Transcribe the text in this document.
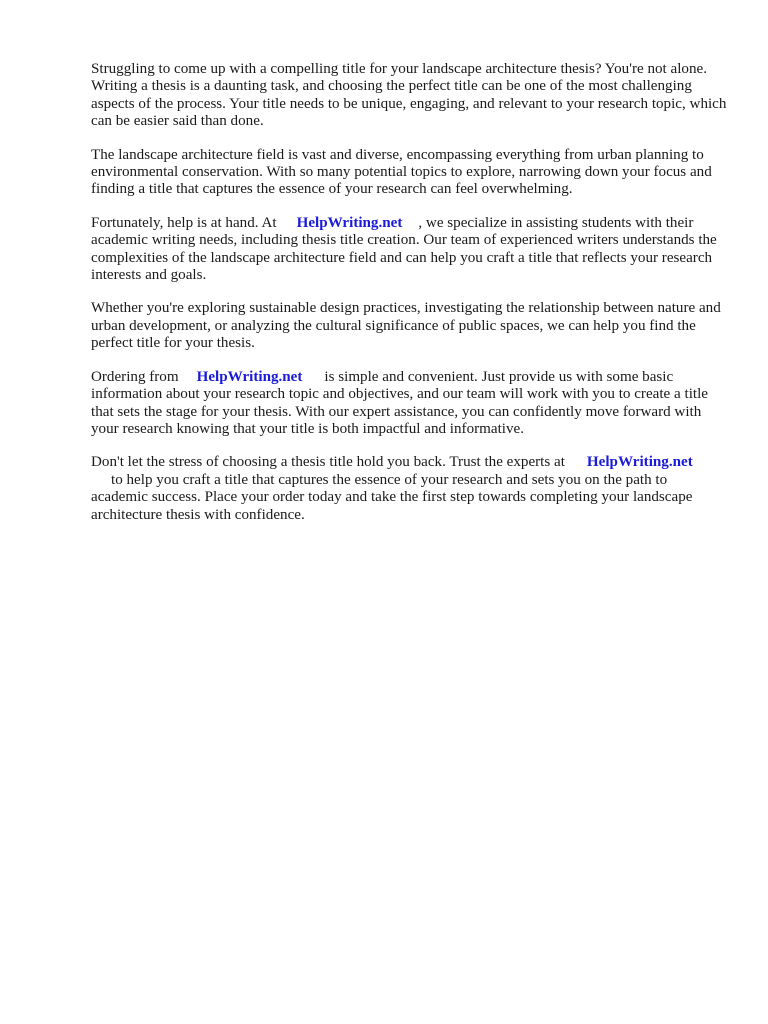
Struggling to come up with a compelling title for your landscape architecture thesis? You're not alone. Writing a thesis is a daunting task, and choosing the perfect title can be one of the most challenging aspects of the process. Your title needs to be unique, engaging, and relevant to your research topic, which can be easier said than done.

The landscape architecture field is vast and diverse, encompassing everything from urban planning to environmental conservation. With so many potential topics to explore, narrowing down your focus and finding a title that captures the essence of your research can feel overwhelming.

Fortunately, help is at hand. At HelpWriting.net , we specialize in assisting students with their academic writing needs, including thesis title creation. Our team of experienced writers understands the complexities of the landscape architecture field and can help you craft a title that reflects your research interests and goals.

Whether you're exploring sustainable design practices, investigating the relationship between nature and urban development, or analyzing the cultural significance of public spaces, we can help you find the perfect title for your thesis.

Ordering from HelpWriting.net is simple and convenient. Just provide us with some basic information about your research topic and objectives, and our team will work with you to create a title that sets the stage for your thesis. With our expert assistance, you can confidently move forward with your research knowing that your title is both impactful and informative.

Don't let the stress of choosing a thesis title hold you back. Trust the experts at HelpWriting.net
to help you craft a title that captures the essence of your research and sets you on the path to academic success. Place your order today and take the first step towards completing your landscape architecture thesis with confidence.
